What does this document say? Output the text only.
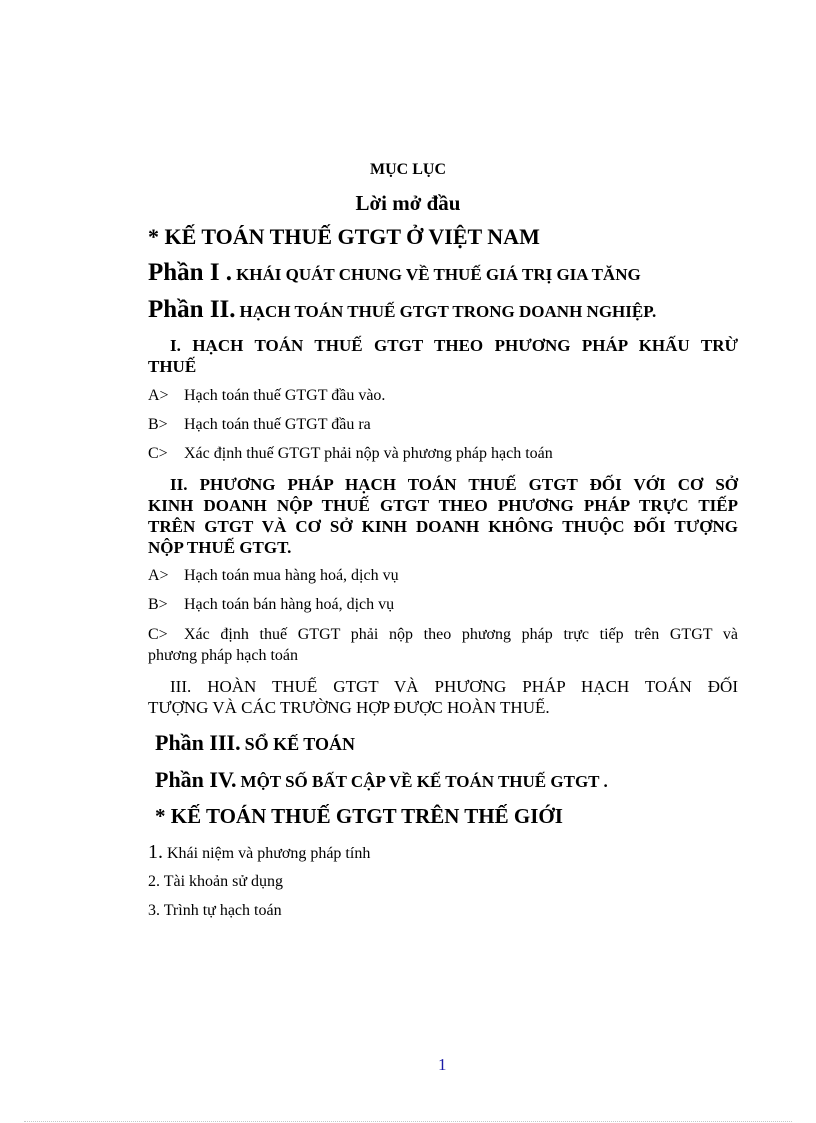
MỤC LỤC
Lời mở đầu
* KẾ TOÁN THUẾ GTGT Ở VIỆT NAM
Phần I . KHÁI QUÁT CHUNG VỀ THUẾ GIÁ TRỊ GIA TĂNG
Phần II. HẠCH TOÁN THUẾ GTGT TRONG DOANH NGHIỆP.
I. HẠCH TOÁN THUẾ GTGT THEO PHƯƠNG PHÁP KHẤU TRỪ
THUẾ
A> Hạch toán thuế GTGT đầu vào.
B> Hạch toán thuế GTGT đầu ra
C> Xác định thuế GTGT phải nộp và phương pháp hạch toán
II. PHƯƠNG PHÁP HẠCH TOÁN THUẾ GTGT ĐỐI VỚI CƠ SỞ
KINH DOANH NỘP THUẾ GTGT THEO PHƯƠNG PHÁP TRỰC TIẾP
TRÊN GTGT VÀ CƠ SỞ KINH DOANH KHÔNG THUỘC ĐỐI TƯỢNG
NỘP THUẾ GTGT.
A> Hạch toán mua hàng hoá, dịch vụ
B> Hạch toán bán hàng hoá, dịch vụ
C> Xác định thuế GTGT phải nộp theo phương pháp trực tiếp trên GTGT và
phương pháp hạch toán
III. HOÀN THUẾ GTGT VÀ PHƯƠNG PHÁP HẠCH TOÁN ĐỐI
TƯỢNG VÀ CÁC TRƯỜNG HỢP ĐƯỢC HOÀN THUẾ.
Phần III. SỔ KẾ TOÁN
Phần IV. MỘT SỐ BẤT CẬP VỀ KẾ TOÁN THUẾ GTGT .
* KẾ TOÁN THUẾ GTGT TRÊN THẾ GIỚI
1. Khái niệm và phương pháp tính
2. Tài khoản sử dụng
3. Trình tự hạch toán
1
